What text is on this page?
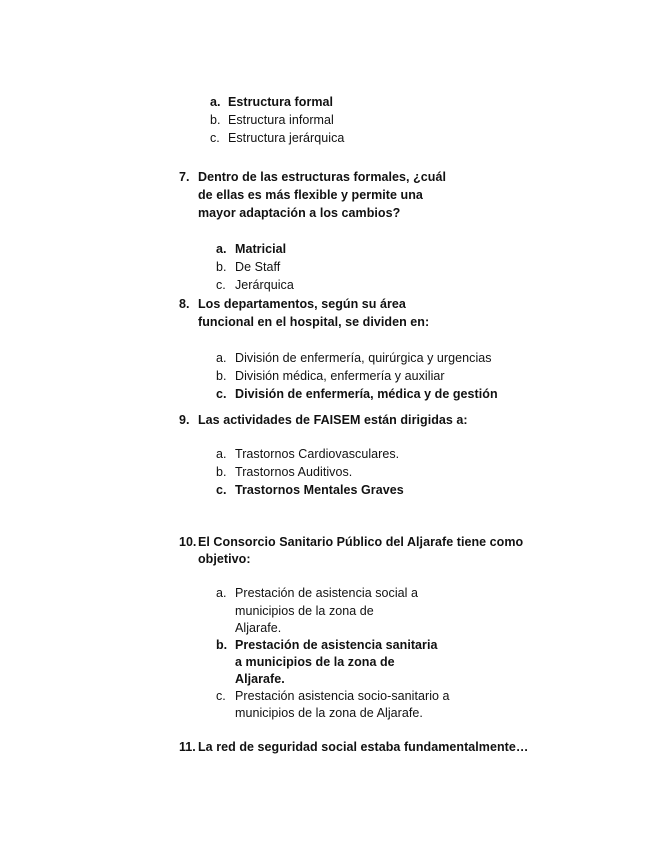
a. Estructura formal
b. Estructura informal
c. Estructura jerárquica
7. Dentro de las estructuras formales, ¿cuál
de ellas es más flexible y permite una
mayor adaptación a los cambios?
a. Matricial
b. De Staff
c. Jerárquica
8. Los departamentos, según su área
funcional en el hospital, se dividen en:
a. División de enfermería, quirúrgica y urgencias
b. División médica, enfermería y auxiliar
c. División de enfermería, médica y de gestión
9. Las actividades de FAISEM están dirigidas a:
a. Trastornos Cardiovasculares.
b. Trastornos Auditivos.
c. Trastornos Mentales Graves
10. El Consorcio Sanitario Público del Aljarafe tiene como
objetivo:
a. Prestación de asistencia social a
municipios de la zona de
Aljarafe.
b. Prestación de asistencia sanitaria
a municipios de la zona de
Aljarafe.
c. Prestación asistencia socio-sanitario a
municipios de la zona de Aljarafe.
11. La red de seguridad social estaba fundamentalmente…
